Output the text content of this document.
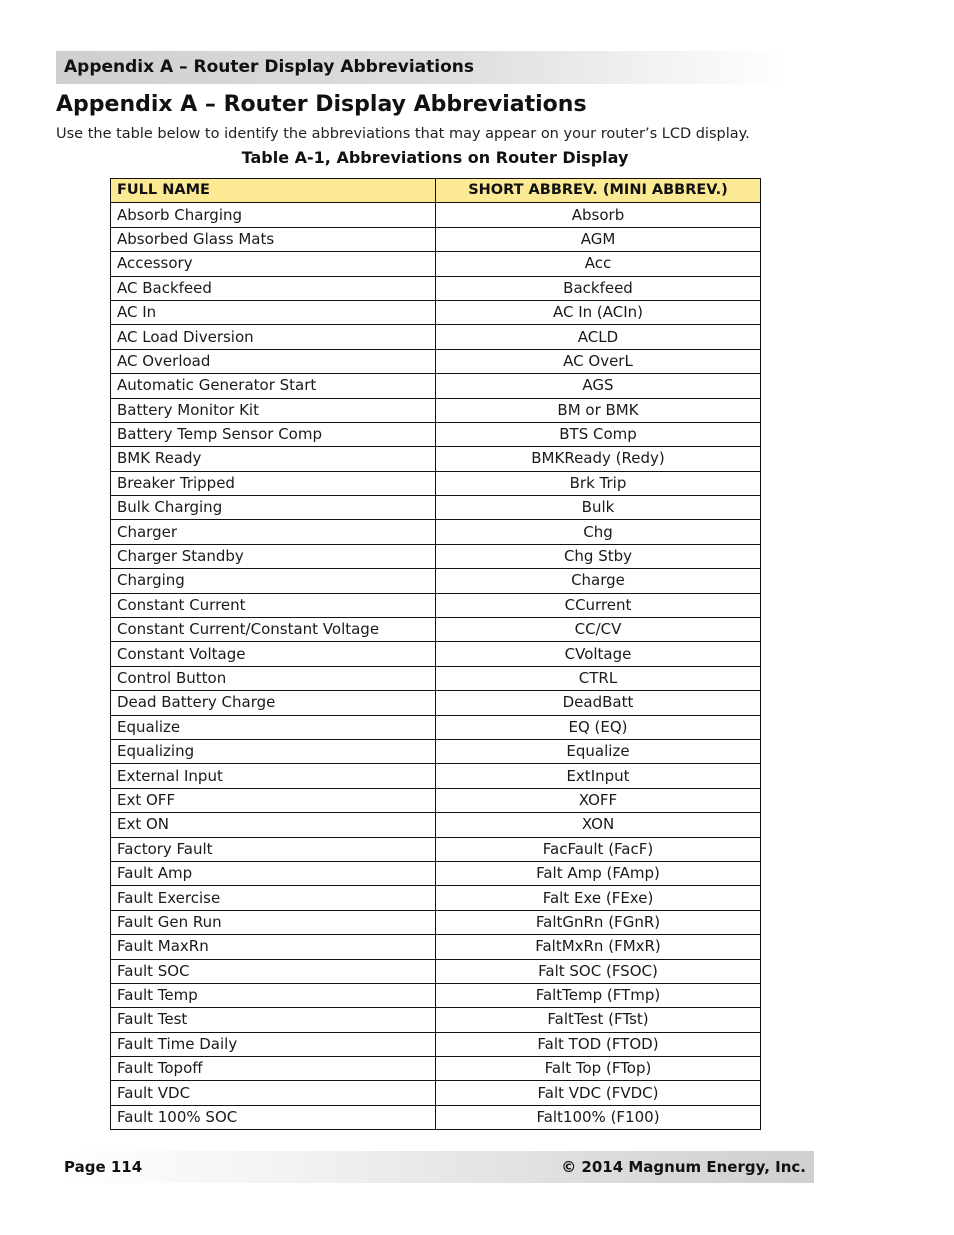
Appendix A – Router Display Abbreviations
Appendix A – Router Display Abbreviations
Use the table below to identify the abbreviations that may appear on your router’s LCD display.
Table A-1, Abbreviations on Router Display
FULL NAME	SHORT ABBREV. (MINI ABBREV.)
Absorb Charging	Absorb
Absorbed Glass Mats	AGM
Accessory	Acc
AC Backfeed	Backfeed
AC In	AC In (ACIn)
AC Load Diversion	ACLD
AC Overload	AC OverL
Automatic Generator Start	AGS
Battery Monitor Kit	BM or BMK
Battery Temp Sensor Comp	BTS Comp
BMK Ready	BMKReady (Redy)
Breaker Tripped	Brk Trip
Bulk Charging	Bulk
Charger	Chg
Charger Standby	Chg Stby
Charging	Charge
Constant Current	CCurrent
Constant Current/Constant Voltage	CC/CV
Constant Voltage	CVoltage
Control Button	CTRL
Dead Battery Charge	DeadBatt
Equalize	EQ (EQ)
Equalizing	Equalize
External Input	ExtInput
Ext OFF	XOFF
Ext ON	XON
Factory Fault	FacFault (FacF)
Fault Amp	Falt Amp (FAmp)
Fault Exercise	Falt Exe (FExe)
Fault Gen Run	FaltGnRn (FGnR)
Fault MaxRn	FaltMxRn (FMxR)
Fault SOC	Falt SOC (FSOC)
Fault Temp	FaltTemp (FTmp)
Fault Test	FaltTest (FTst)
Fault Time Daily	Falt TOD (FTOD)
Fault Topoff	Falt Top (FTop)
Fault VDC	Falt VDC (FVDC)
Fault 100% SOC	Falt100% (F100)
Page 114	© 2014 Magnum Energy, Inc.
